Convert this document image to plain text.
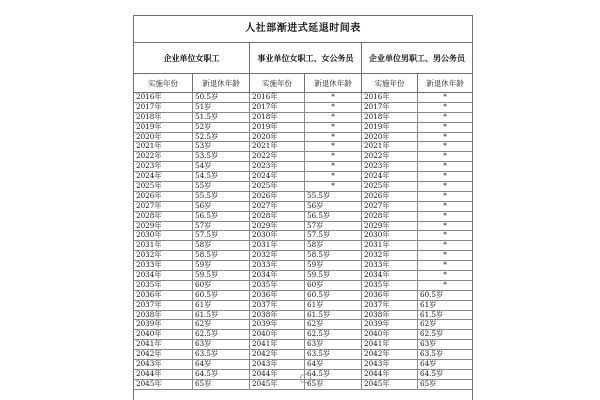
人社部渐进式延退时间表
企业单位女职工	事业单位女职工、女公务员	企业单位男职工、男公务员
实施年份	新退休年龄	实施年份	新退休年龄	实施年份	新退休年龄
2016年	50.5岁	2016年	*	2016年	*
2017年	51岁	2017年	*	2017年	*
2018年	51.5岁	2018年	*	2018年	*
2019年	52岁	2019年	*	2019年	*
2020年	52.5岁	2020年	*	2020年	*
2021年	53岁	2021年	*	2021年	*
2022年	53.5岁	2022年	*	2022年	*
2023年	54岁	2023年	*	2023年	*
2024年	54.5岁	2024年	*	2024年	*
2025年	55岁	2025年	*	2025年	*
2026年	55.5岁	2026年	55.5岁	2026年	*
2027年	56岁	2027年	56岁	2027年	*
2028年	56.5岁	2028年	56.5岁	2028年	*
2029年	57岁	2029年	57岁	2029年	*
2030年	57.5岁	2030年	57.5岁	2030年	*
2031年	58岁	2031年	58岁	2031年	*
2032年	58.5岁	2032年	58.5岁	2032年	*
2033年	59岁	2033年	59岁	2033年	*
2034年	59.5岁	2034年	59.5岁	2034年	*
2035年	60岁	2035年	60岁	2035年	*
2036年	60.5岁	2036年	60.5岁	2036年	60.5岁
2037年	61岁	2037年	61岁	2037年	61岁
2038年	61.5岁	2038年	61.5岁	2038年	61.5岁
2039年	62岁	2039年	62岁	2039年	62岁
2040年	62.5岁	2040年	62.5岁	2040年	62.5岁
2041年	63岁	2041年	63岁	2041年	63岁
2042年	63.5岁	2042年	63.5岁	2042年	63.5岁
2043年	64岁	2043年	64岁	2043年	64岁
2044年	64.5岁	2044年	64.5岁	2044年	64.5岁
2045年	65岁	2045年	65岁	2045年	65岁
